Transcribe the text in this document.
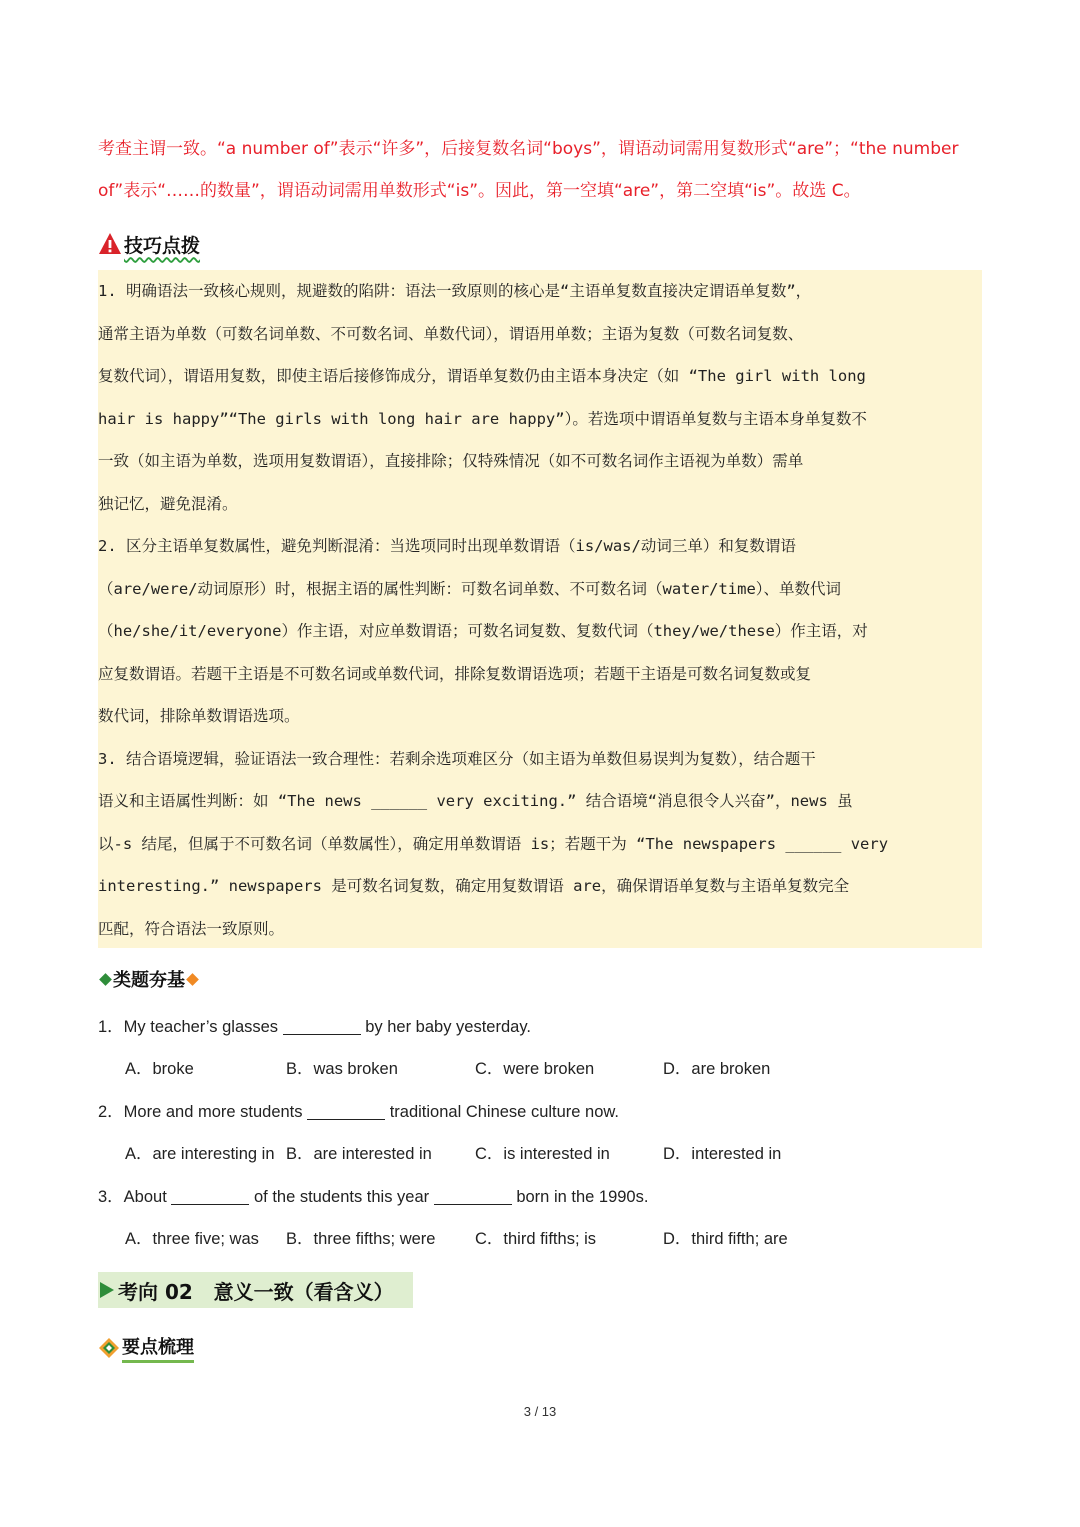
考查主谓一致。“a number of”表示“许多”，后接复数名词“boys”，谓语动词需用复数形式“are”；“the number

of”表示“……的数量”，谓语动词需用单数形式“is”。因此，第一空填“are”，第二空填“is”。故选 C。

技巧点拨

1. 明确语法一致核心规则，规避数的陷阱：语法一致原则的核心是“主语单复数直接决定谓语单复数”，

通常主语为单数（可数名词单数、不可数名词、单数代词），谓语用单数；主语为复数（可数名词复数、

复数代词），谓语用复数，即使主语后接修饰成分，谓语单复数仍由主语本身决定（如 “The girl with long

hair is happy”“The girls with long hair are happy”）。若选项中谓语单复数与主语本身单复数不

一致（如主语为单数，选项用复数谓语），直接排除；仅特殊情况（如不可数名词作主语视为单数）需单

独记忆，避免混淆。

2. 区分主语单复数属性，避免判断混淆：当选项同时出现单数谓语（is/was/动词三单）和复数谓语

（are/were/动词原形）时，根据主语的属性判断：可数名词单数、不可数名词（water/time）、单数代词

（he/she/it/everyone）作主语，对应单数谓语；可数名词复数、复数代词（they/we/these）作主语，对

应复数谓语。若题干主语是不可数名词或单数代词，排除复数谓语选项；若题干主语是可数名词复数或复

数代词，排除单数谓语选项。

3. 结合语境逻辑，验证语法一致合理性：若剩余选项难区分（如主语为单数但易误判为复数），结合题干

语义和主语属性判断：如 “The news ______ very exciting.” 结合语境“消息很令人兴奋”，news 虽

以-s 结尾，但属于不可数名词（单数属性），确定用单数谓语 is；若题干为 “The newspapers ______ very

interesting.” newspapers 是可数名词复数，确定用复数谓语 are，确保谓语单复数与主语单复数完全

匹配，符合语法一致原则。

类题夯基
1．My teacher’s glasses	by her baby yesterday.
A．broke	B．was broken	C．were broken	D．are broken
2．More and more students	traditional Chinese culture now.
A．are interesting in B．are interested in	C．is interested in	D．interested in
3．About	of the students this year	born in the 1990s.
A．three five; was B．three fifths; were C．third fifths; is	D．third fifth; are
考向 02   意义一致（看含义）
要点梳理
3 / 13
